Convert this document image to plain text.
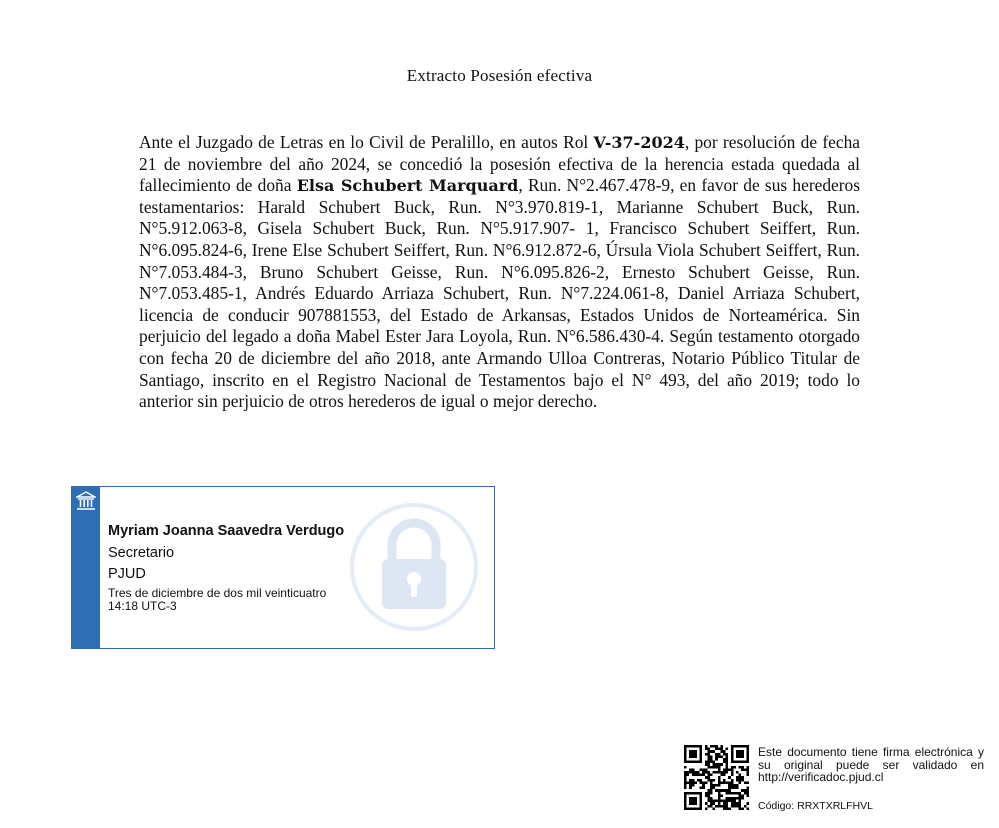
Extracto Posesión efectiva
Ante el Juzgado de Letras en lo Civil de Peralillo, en autos Rol V-37-2024, por resolución de fecha 21 de noviembre del año 2024, se concedió la posesión efectiva de la herencia estada quedada al fallecimiento de doña Elsa Schubert Marquard, Run. N°2.467.478-9, en favor de sus herederos testamentarios: Harald Schubert Buck, Run. N°3.970.819-1, Marianne Schubert Buck, Run. N°5.912.063-8, Gisela Schubert Buck, Run. N°5.917.907- 1, Francisco Schubert Seiffert, Run. N°6.095.824-6, Irene Else Schubert Seiffert, Run. N°6.912.872-6, Úrsula Viola Schubert Seiffert, Run. N°7.053.484-3, Bruno Schubert Geisse, Run. N°6.095.826-2, Ernesto Schubert Geisse, Run. N°7.053.485-1, Andrés Eduardo Arriaza Schubert, Run. N°7.224.061-8, Daniel Arriaza Schubert, licencia de conducir 907881553, del Estado de Arkansas, Estados Unidos de Norteamérica. Sin perjuicio del legado a doña Mabel Ester Jara Loyola, Run. N°6.586.430-4. Según testamento otorgado con fecha 20 de diciembre del año 2018, ante Armando Ulloa Contreras, Notario Público Titular de Santiago, inscrito en el Registro Nacional de Testamentos bajo el N° 493, del año 2019; todo lo anterior sin perjuicio de otros herederos de igual o mejor derecho.
Myriam Joanna Saavedra Verdugo
Secretario
PJUD
Tres de diciembre de dos mil veinticuatro
14:18 UTC-3
Este documento tiene firma electrónica y su original puede ser validado en http://verificadoc.pjud.cl
Código: RRXTXRLFHVL
